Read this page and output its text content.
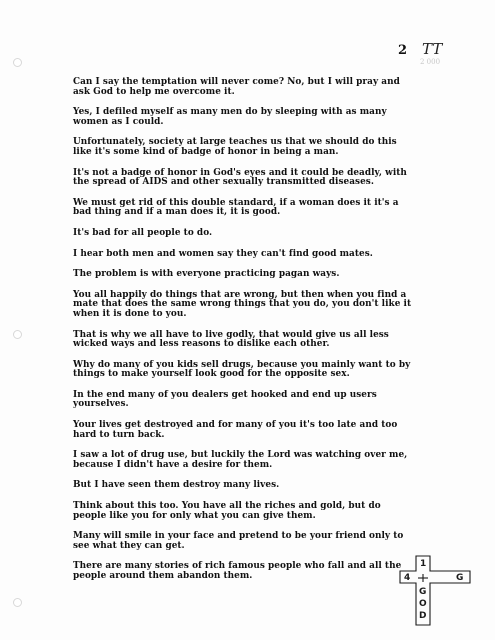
2 TT
2 000

Can I say the temptation will never come? No, but I will pray and ask God to help me overcome it.

Yes, I defiled myself as many men do by sleeping with as many women as I could.

Unfortunately, society at large teaches us that we should do this like it's some kind of badge of honor in being a man.

It's not a badge of honor in God's eyes and it could be deadly, with the spread of AIDS and other sexually transmitted diseases.

We must get rid of this double standard, if a woman does it it's a bad thing and if a man does it, it is good.

It's bad for all people to do.

I hear both men and women say they can't find good mates.

The problem is with everyone practicing pagan ways.

You all happily do things that are wrong, but then when you find a mate that does the same wrong things that you do, you don't like it when it is done to you.

That is why we all have to live godly, that would give us all less wicked ways and less reasons to dislike each other.

Why do many of you kids sell drugs, because you mainly want to by things to make yourself look good for the opposite sex.

In the end many of you dealers get hooked and end up users yourselves.

Your lives get destroyed and for many of you it's too late and too hard to turn back.

I saw a lot of drug use, but luckily the Lord was watching over me, because I didn't have a desire for them.

But I have seen them destroy many lives.

Think about this too. You have all the riches and gold, but do people like you for only what you can give them.

Many will smile in your face and pretend to be your friend only to see what they can get.

There are many stories of rich famous people who fall and all the people around them abandon them.

1
4	G
G
O
D
